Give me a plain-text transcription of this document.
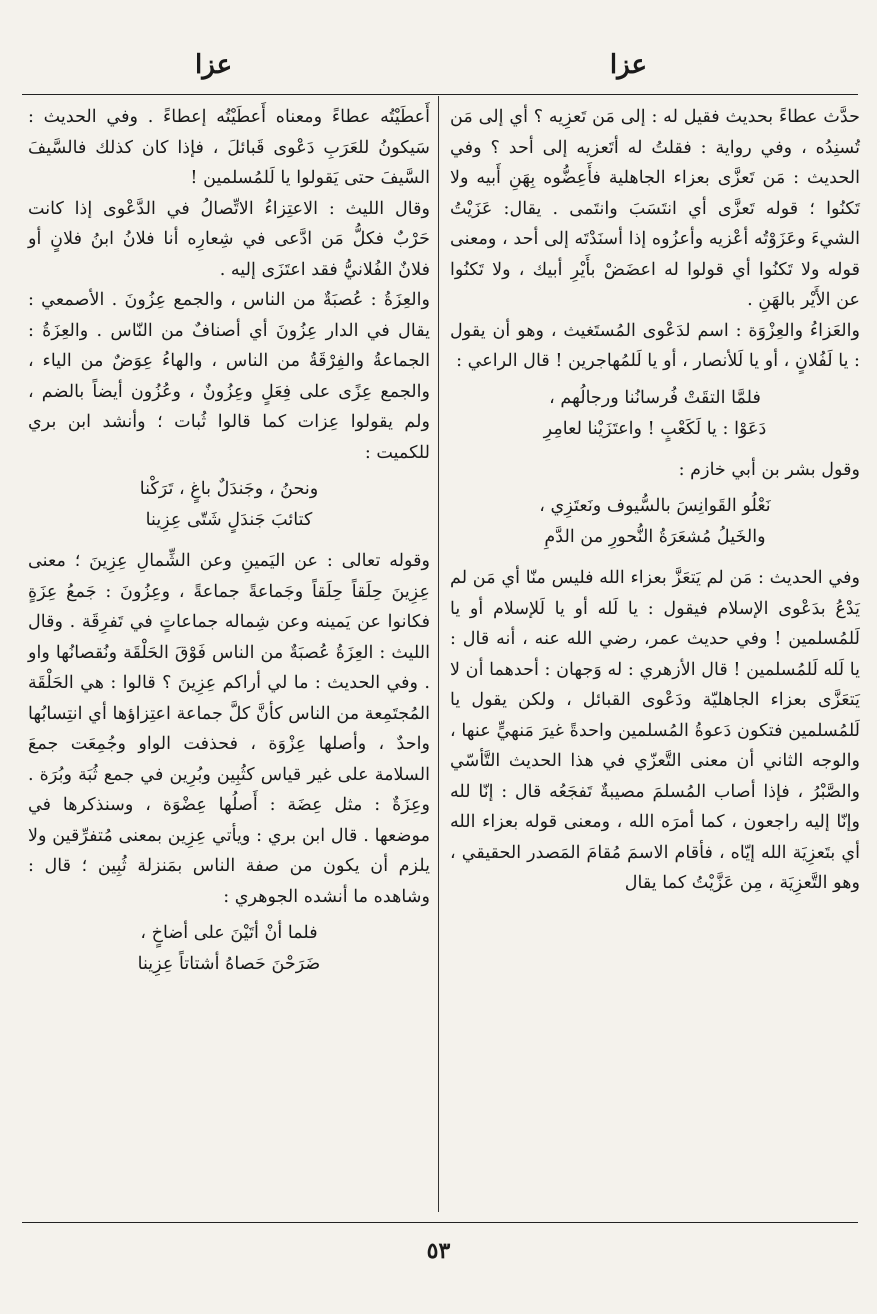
عزا
عزا

حدَّث عطاءً بحديث فقيل له : إلى مَن تَعزِيه ؟ أي إلى مَن تُسنِدُه ، وفي رواية : فقلتُ له أتَعزيه إلى أحد ؟ وفي الحديث : مَن تَعزَّى بعزاء الجاهلية فأَعِضُّوه بِهَنِ أَبيه ولا تَكنُوا ؛ قوله تَعزَّى أي انتَسَبَ وانتَمى . يقال: عَزَيْتُ الشيءَ وعَزَوْتُه أعْزيه وأعزُوه إذا أسنَدْتَه إلى أحد ، ومعنى قوله ولا تَكنُوا أي قولوا له اعضَضْ بأَيْرِ أبيك ، ولا تَكنُوا عن الأَيْر بالهَنِ .

والعَزاءُ والعِزْوَة : اسم لدَعْوى المُستَغيث ، وهو أن يقول : يا لَفُلانٍ ، أو يا لَلأنصار ، أو يا لَلمُهاجرين ! قال الراعي :

فلمَّا التقَتْ فُرسانُنا ورجالُهم ،
دَعَوْا : يا لَكَعْبٍ ! واعتَزَيْنا لعامِرِ

وقول بشر بن أبي خازم :

نَعْلُو القَوانِسَ بالسُّيوف ونَعتَزِي ،
والخَيلُ مُشعَرَةُ النُّحورِ من الدَّمِ

وفي الحديث : مَن لم يَتعَزَّ بعزاء الله فليس منّا أي مَن لم يَدْعُ بدَعْوى الإسلام فيقول : يا لَله أو يا لَلإسلام أو يا لَلمُسلمين ! وفي حديث عمر، رضي الله عنه ، أنه قال : يا لَله لَلمُسلمين ! قال الأزهري : له وَجهان : أحدهما أن لا يَتعَزَّى بعزاء الجاهليّة ودَعْوى القبائل ، ولكن يقول يا لَلمُسلمين فتكون دَعوةُ المُسلمين واحدةً غيرَ مَنهيٍّ عنها ، والوجه الثاني أن معنى التَّعزّي في هذا الحديث التَّأسّي والصَّبْرُ ، فإذا أصاب المُسلمَ مصيبةٌ تَفجَعُه قال : إنّا لله وإنّا إليه راجعون ، كما أمرَه الله ، ومعنى قوله بعزاء الله أي بتَعزِيَة الله إيّاه ، فأقام الاسمَ مُقامَ المَصدر الحقيقي ، وهو التَّعزِيَة ، مِن عَزَّيْتُ كما يقال

أَعطَيْتُه عطاءً ومعناه أَعطَيْتُه إعطاءً . وفي الحديث : سَيكونُ للعَرَبِ دَعْوى قَبائلَ ، فإذا كان كذلك فالسَّيفَ السَّيفَ حتى يَقولوا يا لَلمُسلمين !

وقال الليث : الاعتِزاءُ الاتِّصالُ في الدَّعْوى إذا كانت حَرْبٌ فكلُّ مَن ادَّعى في شِعارِه أنا فلانُ ابنُ فلانٍ أو فلانٌ الفُلانيُّ فقد اعتَزَى إليه .

والعِزَةُ : عُصبَةٌ من الناس ، والجمع عِزُونَ . الأصمعي : يقال في الدار عِزُونَ أي أصنافٌ من النّاس . والعِزَةُ : الجماعةُ والفِرْقَةُ من الناس ، والهاءُ عِوَضٌ من الياء ، والجمع عِزًى على فِعَلٍ وعِزُونٌ ، وعُزُون أيضاً بالضم ، ولم يقولوا عِزات كما قالوا ثُبات ؛ وأنشد ابن بري للكميت :

ونحنُ ، وجَندَلٌ باغٍ ، تَرَكْنا
كتائبَ جَندَلٍ شَتّى عِزِينا

وقوله تعالى : عن اليَمينِ وعن الشِّمالِ عِزِينَ ؛ معنى عِزِينَ حِلَقاً حِلَقاً وجَماعةً جماعةً ، وعِزُونَ : جَمعُ عِزَةٍ فكانوا عن يَمينه وعن شِماله جماعاتٍ في تَفرِقَة . وقال الليث : العِزَةُ عُصبَةٌ من الناس فَوْقَ الحَلْقَة ونُقصانُها واو . وفي الحديث : ما لي أراكم عِزِينَ ؟ قالوا : هي الحَلْقَة المُجتَمِعة من الناس كأنَّ كلَّ جماعة اعتِزاؤها أي انتِسابُها واحدٌ ، وأصلها عِزْوَة ، فحذفت الواو وجُمِعَت جمعَ السلامة على غير قياس كثُبِين وبُرِين في جمع ثُبَة وبُرَة . وعِزَةٌ : مثل عِضَة : أَصلُها عِضْوَة ، وسنذكرها في موضعها . قال ابن بري : ويأتي عِزِين بمعنى مُتفرِّقين ولا يلزم أن يكون من صفة الناس بمَنزلة ثُبِين ؛ قال : وشاهده ما أنشده الجوهري :

فلما أنْ أتَيْنَ على أضاخٍ ،
ضَرَحْنَ حَصاهُ أشتاتاً عِزِينا
٥٣
